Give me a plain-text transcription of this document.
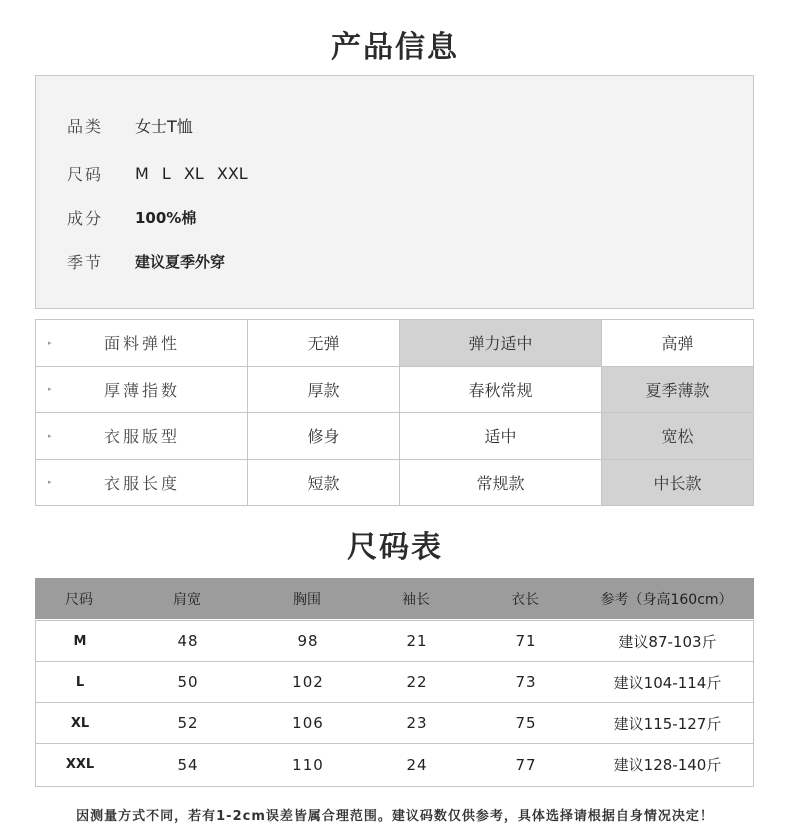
产品信息
品类	女士T恤
尺码	M L XL XXL
成分	100%棉
季节	建议夏季外穿
▸ 面料弹性	无弹	弹力适中	高弹

▸ 厚薄指数	厚款	春秋常规	夏季薄款

▸ 衣服版型	修身	适中	宽松

▸ 衣服长度	短款	常规款	中长款
尺码表
尺码	肩宽	胸围	袖长	衣长	参考（身高160cm）
M	48	98	21	71	建议87-103斤
L	50	102	22	73	建议104-114斤
XL	52	106	23	75	建议115-127斤
XXL	54	110	24	77	建议128-140斤
因测量方式不同，若有1-2cm误差皆属合理范围。建议码数仅供参考，具体选择请根据自身情况决定！
